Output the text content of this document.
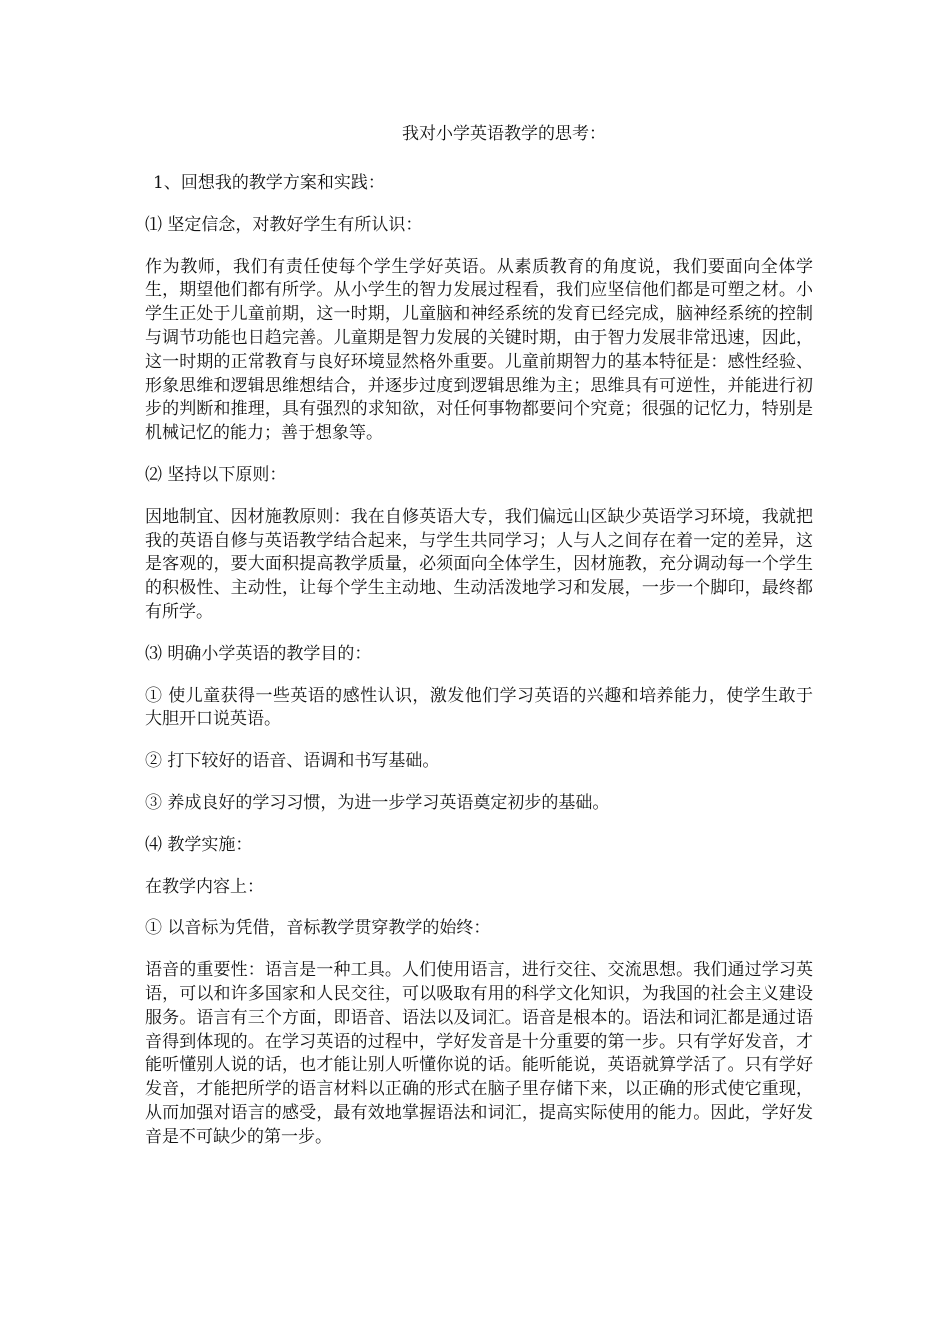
我对小学英语教学的思考：
1、回想我的教学方案和实践：
⑴ 坚定信念，对教好学生有所认识：
作为教师，我们有责任使每个学生学好英语。从素质教育的角度说，我们要面向全体学生，期望他们都有所学。从小学生的智力发展过程看，我们应坚信他们都是可塑之材。小学生正处于儿童前期，这一时期，儿童脑和神经系统的发育已经完成，脑神经系统的控制与调节功能也日趋完善。儿童期是智力发展的关键时期，由于智力发展非常迅速，因此，这一时期的正常教育与良好环境显然格外重要。儿童前期智力的基本特征是：感性经验、形象思维和逻辑思维想结合，并逐步过度到逻辑思维为主；思维具有可逆性，并能进行初步的判断和推理，具有强烈的求知欲，对任何事物都要问个究竟；很强的记忆力，特别是机械记忆的能力；善于想象等。
⑵ 坚持以下原则：
因地制宜、因材施教原则：我在自修英语大专，我们偏远山区缺少英语学习环境，我就把我的英语自修与英语教学结合起来，与学生共同学习；人与人之间存在着一定的差异，这是客观的，要大面积提高教学质量，必须面向全体学生，因材施教，充分调动每一个学生的积极性、主动性，让每个学生主动地、生动活泼地学习和发展，一步一个脚印，最终都有所学。
⑶ 明确小学英语的教学目的：
① 使儿童获得一些英语的感性认识，激发他们学习英语的兴趣和培养能力，使学生敢于大胆开口说英语。
② 打下较好的语音、语调和书写基础。
③ 养成良好的学习习惯，为进一步学习英语奠定初步的基础。
⑷ 教学实施：
在教学内容上：
① 以音标为凭借，音标教学贯穿教学的始终：
语音的重要性：语言是一种工具。人们使用语言，进行交往、交流思想。我们通过学习英语，可以和许多国家和人民交往，可以吸取有用的科学文化知识，为我国的社会主义建设服务。语言有三个方面，即语音、语法以及词汇。语音是根本的。语法和词汇都是通过语音得到体现的。在学习英语的过程中，学好发音是十分重要的第一步。只有学好发音，才能听懂别人说的话，也才能让别人听懂你说的话。能听能说，英语就算学活了。只有学好发音，才能把所学的语言材料以正确的形式在脑子里存储下来，以正确的形式使它重现，从而加强对语言的感受，最有效地掌握语法和词汇，提高实际使用的能力。因此，学好发音是不可缺少的第一步。
